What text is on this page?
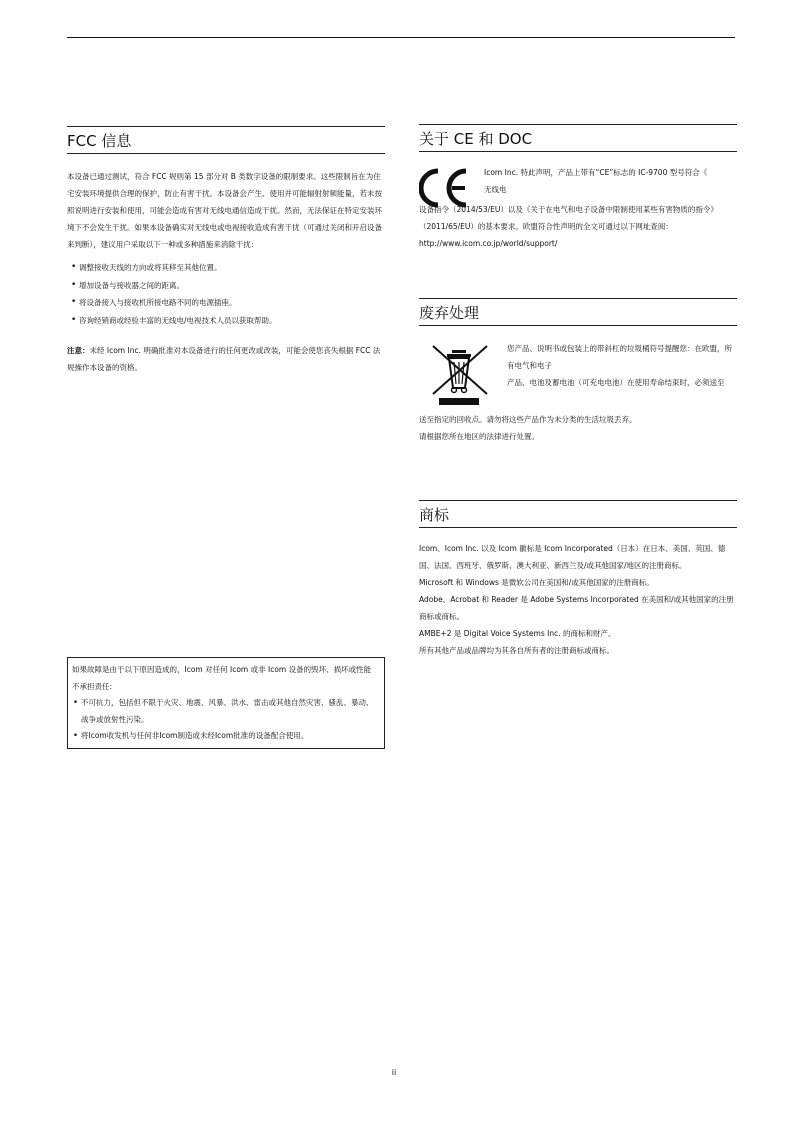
FCC 信息

本设备已通过测试，符合 FCC 规则第 15 部分对 B 类数字设备的限制要求。这些限制旨在为住宅安装环境提供合理的保护，防止有害干扰。本设备会产生、使用并可能辐射射频能量，若未按照说明进行安装和使用，可能会造成有害对无线电通信造成干扰。然而，无法保证在特定安装环境下不会发生干扰。如果本设备确实对无线电或电视接收造成有害干扰（可通过关闭和开启设备来判断），建议用户采取以下一种或多种措施来消除干扰：

• 调整接收天线的方向或将其移至其他位置。
• 增加设备与接收器之间的距离。
• 将设备接入与接收机所接电路不同的电源插座。
• 咨询经销商或经验丰富的无线电/电视技术人员以获取帮助。

注意：未经 Icom Inc. 明确批准对本设备进行的任何更改或改装，可能会使您丧失根据 FCC 法规操作本设备的资格。

如果故障是由于以下原因造成的，Icom 对任何 Icom 或非 Icom 设备的毁坏、损坏或性能不承担责任:

• 不可抗力，包括但不限于火灾、地震、风暴、洪水、雷击或其他自然灾害、骚乱、暴动、战争或放射性污染。
• 将Icom收发机与任何非Icom制造或未经Icom批准的设备配合使用。
关于 CE 和 DOC

Icom Inc. 特此声明，产品上带有“CE”标志的 IC-9700 型号符合《

无线电

设备指令（2014/53/EU）以及《关于在电气和电子设备中限制使用某些有害物质的指令》（2011/65/EU）的基本要求。欧盟符合性声明的全文可通过以下网址查阅：

http://www.icom.co.jp/world/support/

废弃处理

您产品、说明书或包装上的带斜杠的垃圾桶符号提醒您：在欧盟，所有电气和电子

产品、电池及蓄电池（可充电电池）在使用寿命结束时，必须送至

送至指定的回收点。请勿将这些产品作为未分类的生活垃圾丢弃。

请根据您所在地区的法律进行处置。

商标

Icom、Icom Inc. 以及 Icom 徽标是 Icom Incorporated（日本）在日本、美国、英国、德国、法国、西班牙、俄罗斯、澳大利亚、新西兰及/或其他国家/地区的注册商标。

Microsoft 和 Windows 是微软公司在美国和/或其他国家的注册商标。

Adobe、Acrobat 和 Reader 是 Adobe Systems Incorporated 在美国和/或其他国家的注册商标或商标。

AMBE+2 是 Digital Voice Systems Inc. 的商标和财产。

所有其他产品或品牌均为其各自所有者的注册商标或商标。

ii
